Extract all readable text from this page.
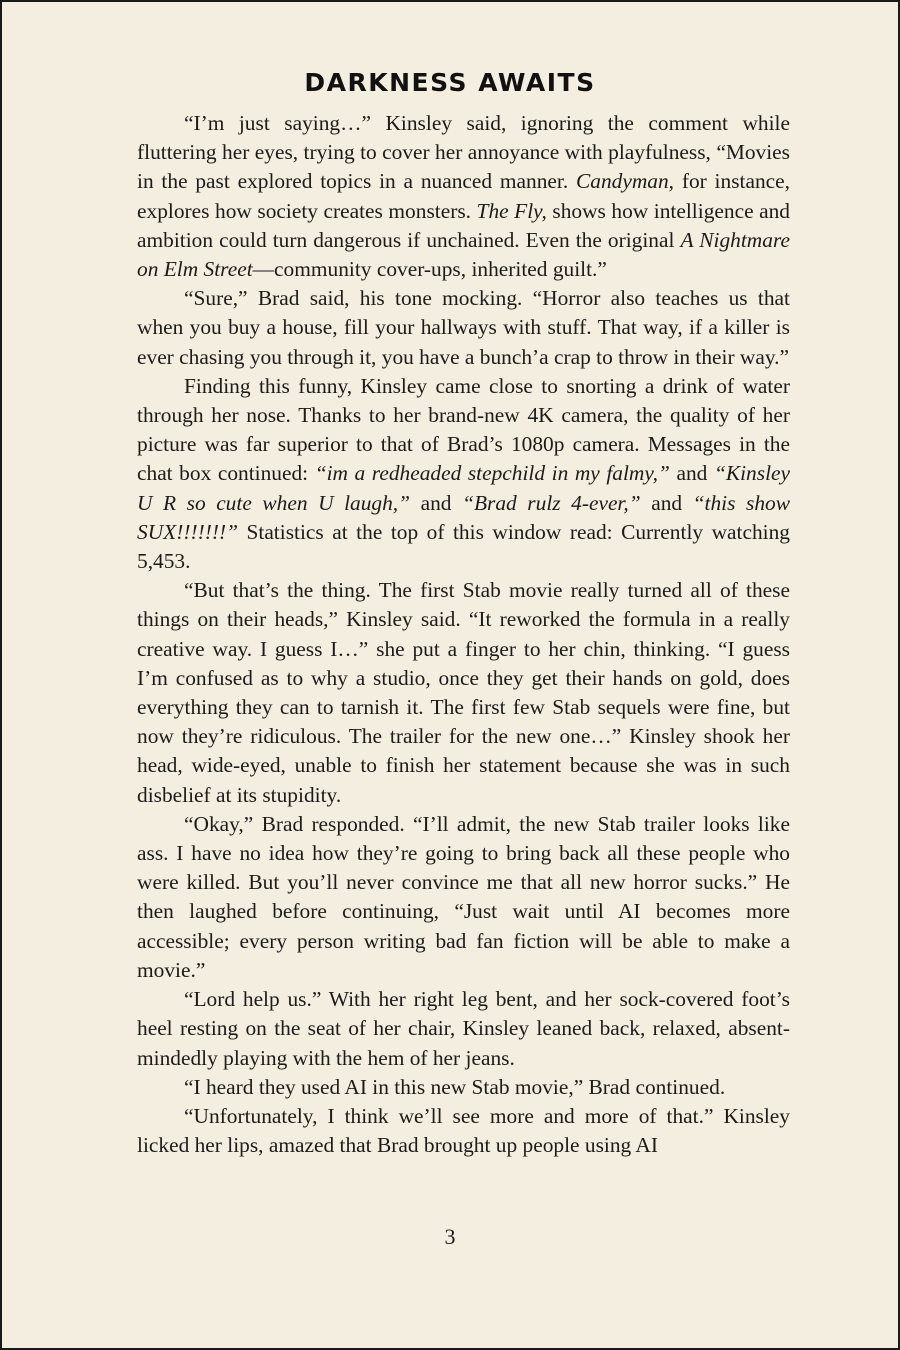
DARKNESS AWAITS

“I’m just saying…” Kinsley said, ignoring the comment while fluttering her eyes, trying to cover her annoyance with playfulness, “Movies in the past explored topics in a nuanced manner. Candyman, for instance, explores how society creates monsters. The Fly, shows how intelligence and ambition could turn dangerous if unchained. Even the original A Nightmare on Elm Street—community cover-ups, inherited guilt.”

“Sure,” Brad said, his tone mocking. “Horror also teaches us that when you buy a house, fill your hallways with stuff. That way, if a killer is ever chasing you through it, you have a bunch’a crap to throw in their way.”

Finding this funny, Kinsley came close to snorting a drink of water through her nose. Thanks to her brand-new 4K camera, the quality of her picture was far superior to that of Brad’s 1080p camera. Messages in the chat box continued: “im a redheaded stepchild in my falmy,” and “Kinsley U R so cute when U laugh,” and “Brad rulz 4-ever,” and “this show SUX!!!!!!!” Statistics at the top of this window read: Currently watching 5,453.

“But that’s the thing. The first Stab movie really turned all of these things on their heads,” Kinsley said. “It reworked the formula in a really creative way. I guess I…” she put a finger to her chin, thinking. “I guess I’m confused as to why a studio, once they get their hands on gold, does everything they can to tarnish it. The first few Stab sequels were fine, but now they’re ridiculous. The trailer for the new one…” Kinsley shook her head, wide-eyed, unable to finish her statement because she was in such disbelief at its stupidity.

“Okay,” Brad responded. “I’ll admit, the new Stab trailer looks like ass. I have no idea how they’re going to bring back all these people who were killed. But you’ll never convince me that all new horror sucks.” He then laughed before continuing, “Just wait until AI becomes more accessible; every person writing bad fan fiction will be able to make a movie.”

“Lord help us.” With her right leg bent, and her sock-covered foot’s heel resting on the seat of her chair, Kinsley leaned back, relaxed, absent-mindedly playing with the hem of her jeans.

“I heard they used AI in this new Stab movie,” Brad continued.

“Unfortunately, I think we’ll see more and more of that.” Kinsley licked her lips, amazed that Brad brought up people using AI

3
